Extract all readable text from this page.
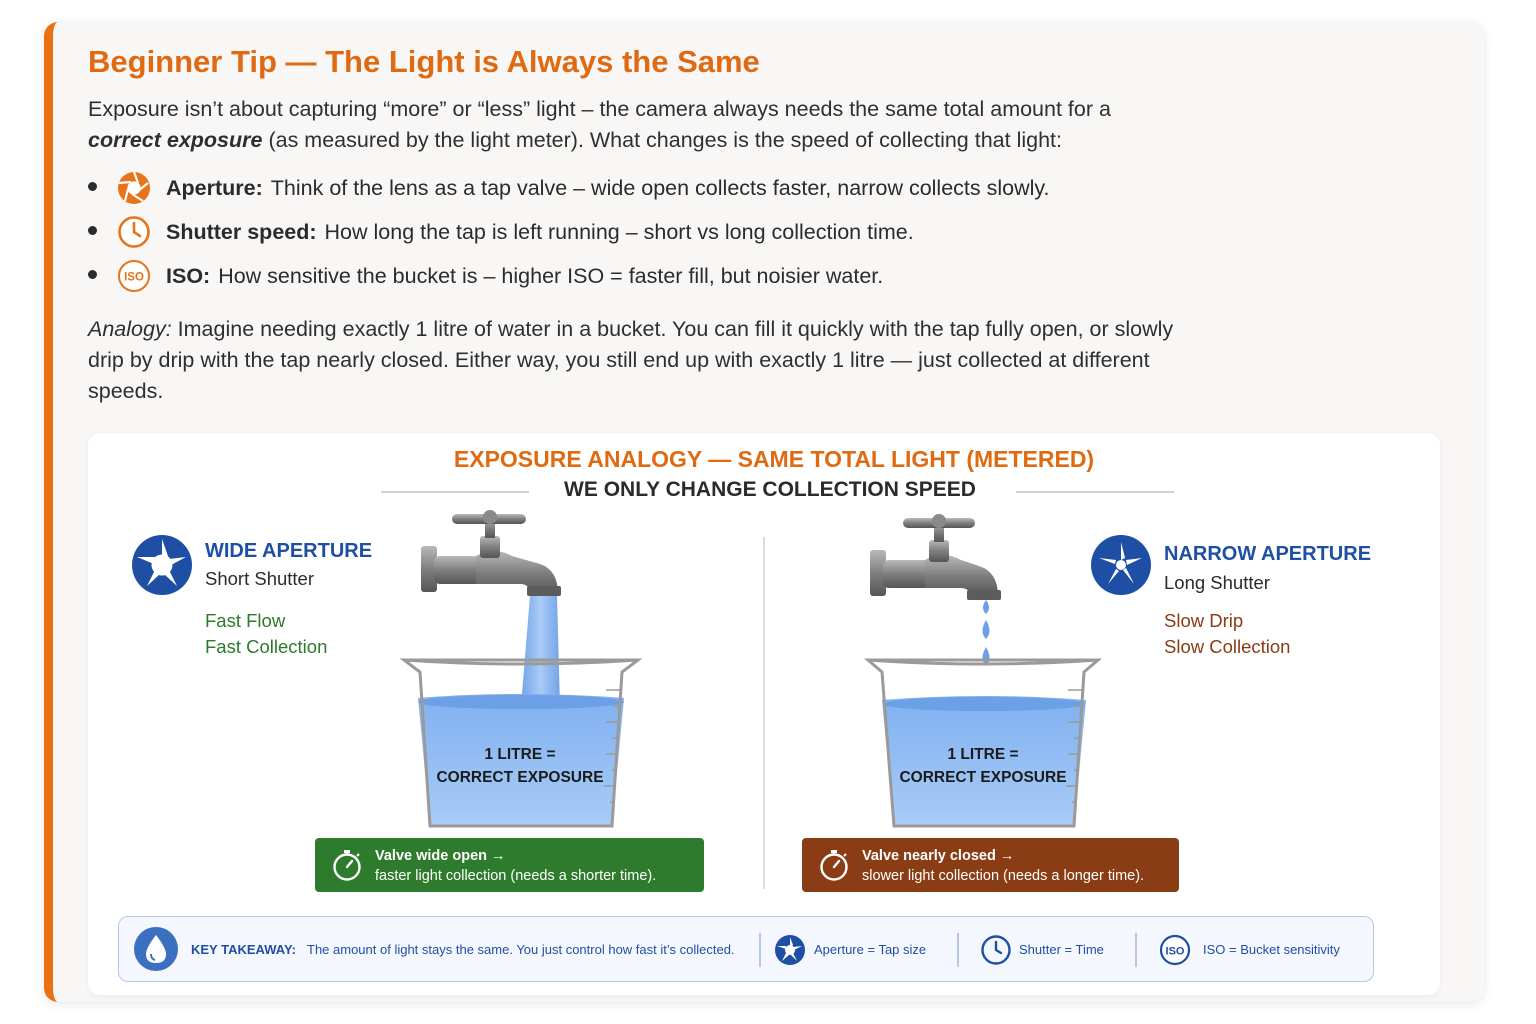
Beginner Tip — The Light is Always the Same

Exposure isn’t about capturing “more” or “less” light – the camera always needs the same total amount for a
correct exposure (as measured by the light meter). What changes is the speed of collecting that light:

Aperture: Think of the lens as a tap valve – wide open collects faster, narrow collects slowly.
Shutter speed: How long the tap is left running – short vs long collection time.
ISO ISO: How sensitive the bucket is – higher ISO = faster fill, but noisier water.

Analogy: Imagine needing exactly 1 litre of water in a bucket. You can fill it quickly with the tap fully open, or slowly drip by drip with the tap nearly closed. Either way, you still end up with exactly 1 litre — just collected at different speeds.

EXPOSURE ANALOGY — SAME TOTAL LIGHT (METERED)
WE ONLY CHANGE COLLECTION SPEED
WIDE APERTURE
Short Shutter
Fast Flow
Fast Collection
NARROW APERTURE
Long Shutter
Slow Drip
Slow Collection
1 LITRE =
CORRECT EXPOSURE
1 LITRE =
CORRECT EXPOSURE
Valve wide open →
faster light collection (needs a shorter time).
Valve nearly closed →
slower light collection (needs a longer time).
KEY TAKEAWAY: The amount of light stays the same. You just control how fast it’s collected.	Aperture = Tap size	Shutter = Time	ISO ISO = Bucket sensitivity
